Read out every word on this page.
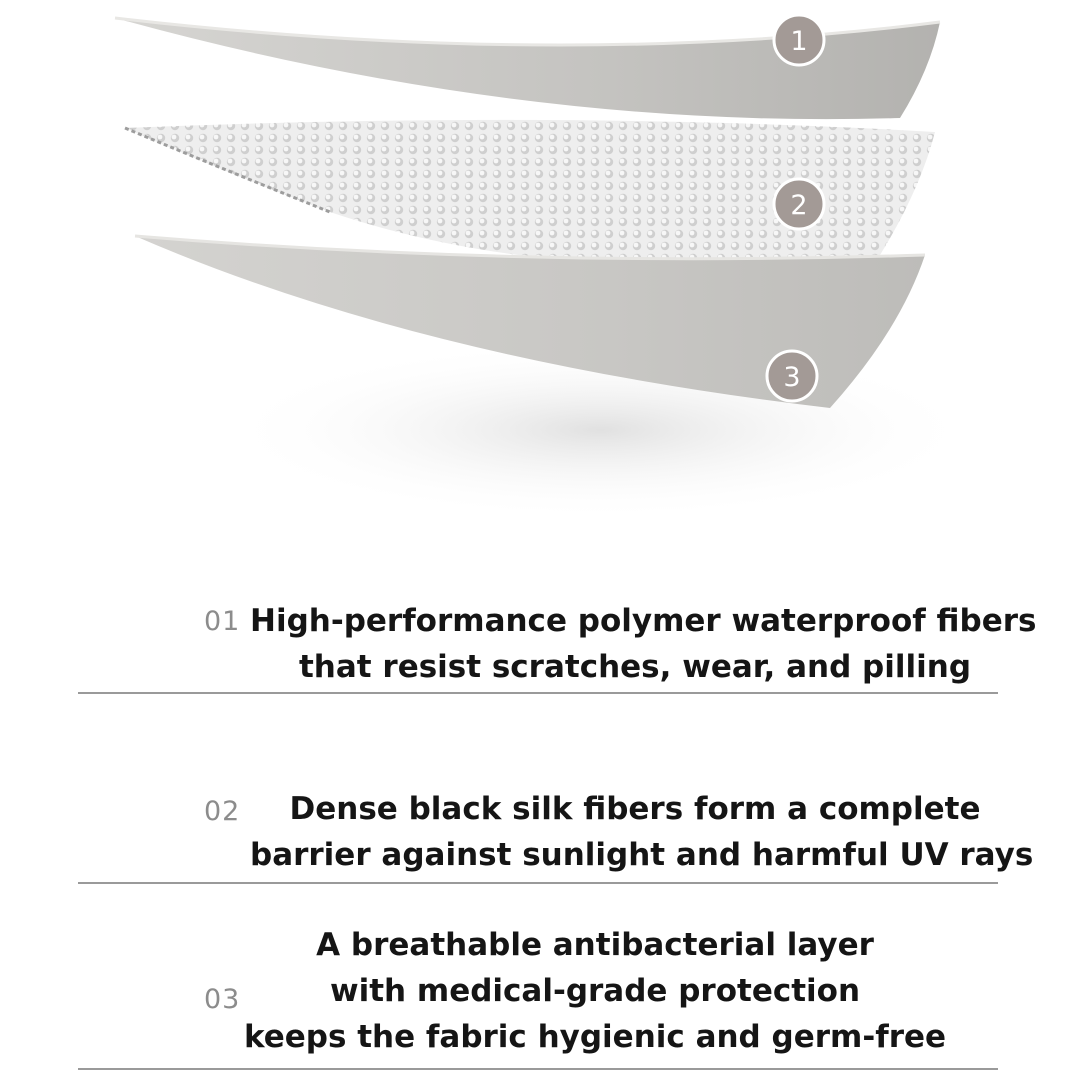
1
2
3
01 High-performance polymer waterproof fibers
that resist scratches, wear, and pilling
02	Dense black silk fibers form a complete
barrier against sunlight and harmful UV rays
03
A breathable antibacterial layer
with medical-grade protection
keeps the fabric hygienic and germ-free
